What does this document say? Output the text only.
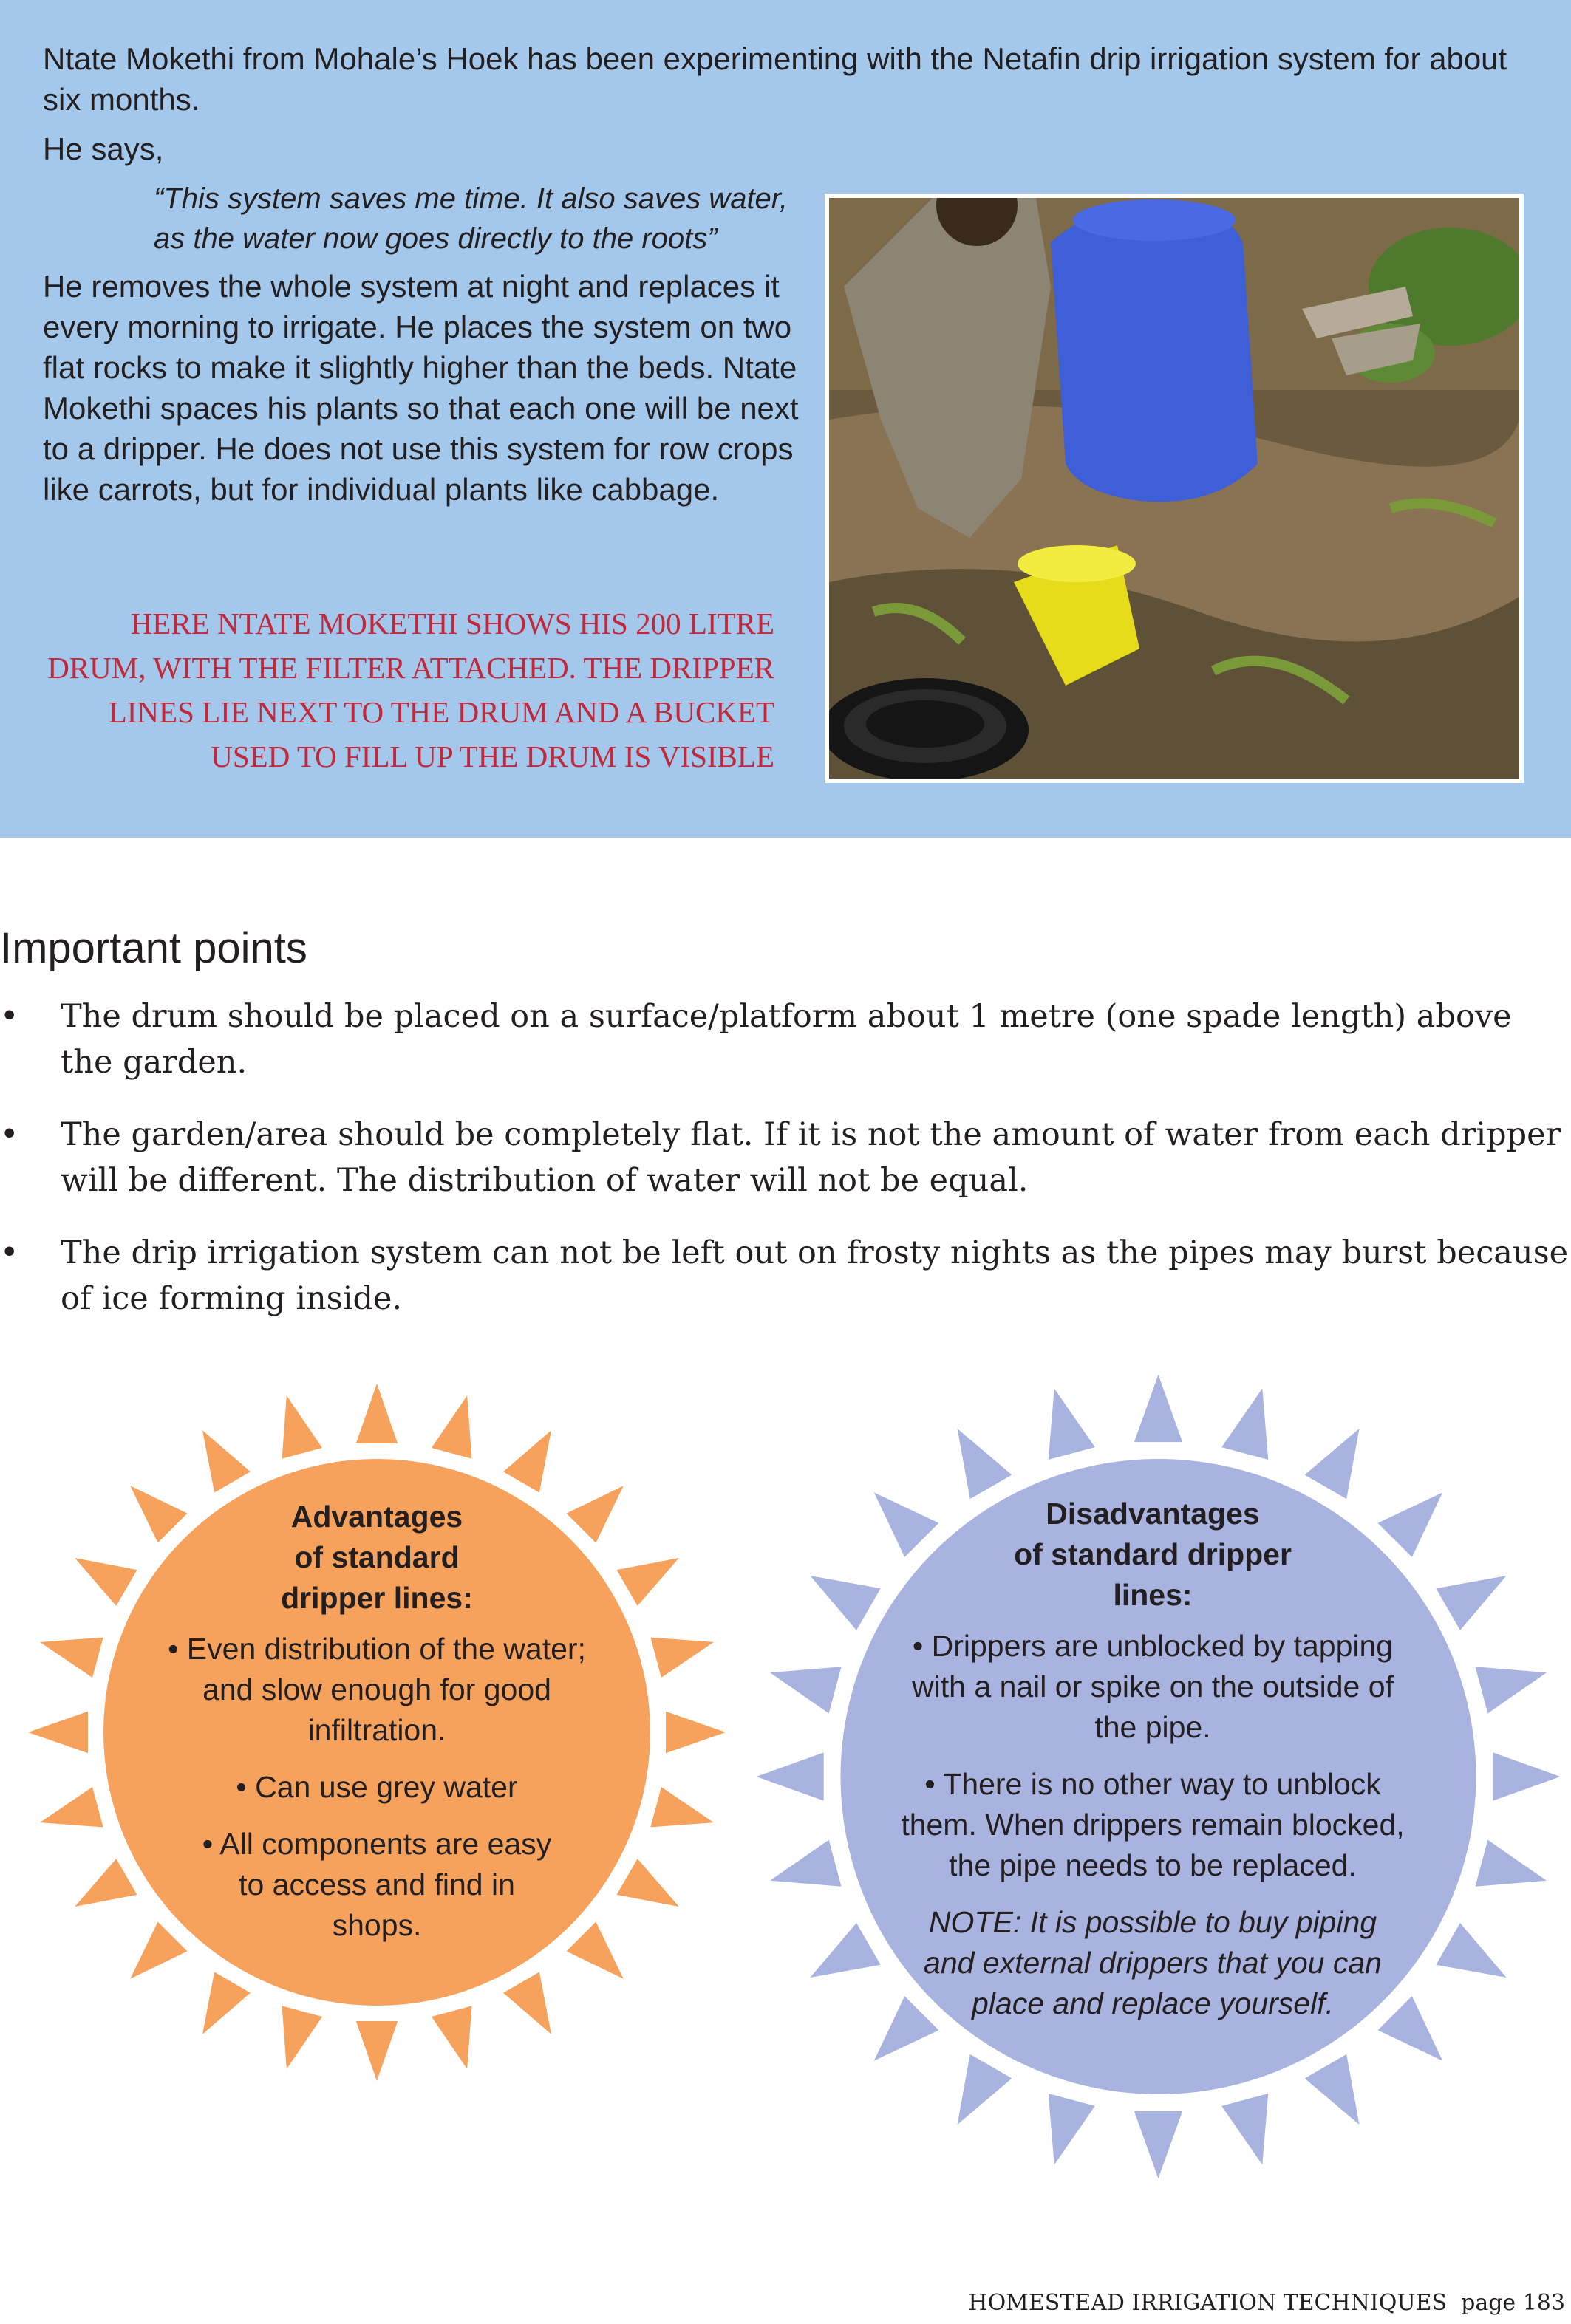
Ntate Mokethi from Mohale’s Hoek has been experimenting with the Netafin drip irrigation system for about six months.

He says,

“This system saves me time. It also saves water,
as the water now goes directly to the roots”

He removes the whole system at night and replaces it every morning to irrigate. He places the system on two flat rocks to make it slightly higher than the beds. Ntate Mokethi spaces his plants so that each one will be next to a dripper. He does not use this system for row crops like carrots, but for individual plants like cabbage.

HERE NTATE MOKETHI SHOWS HIS 200 LITRE DRUM, WITH THE FILTER ATTACHED. THE DRIPPER LINES LIE NEXT TO THE DRUM AND A BUCKET USED TO FILL UP THE DRUM IS VISIBLE
Important points
• The drum should be placed on a surface/platform about 1 metre (one spade length) above the garden.
• The garden/area should be completely flat. If it is not the amount of water from each dripper will be different. The distribution of water will not be equal.
• The drip irrigation system can not be left out on frosty nights as the pipes may burst because of ice forming inside.
Advantages
of standard
dripper lines:
• Even distribution of the water; and slow enough for good infiltration.
• Can use grey water
• All components are easy to access and find in shops.
Disadvantages
of standard dripper
lines:
• Drippers are unblocked by tapping with a nail or spike on the outside of the pipe.
• There is no other way to unblock them. When drippers remain blocked, the pipe needs to be replaced.
NOTE: It is possible to buy piping and external drippers that you can place and replace yourself.
HOMESTEAD IRRIGATION TECHNIQUES page 183
